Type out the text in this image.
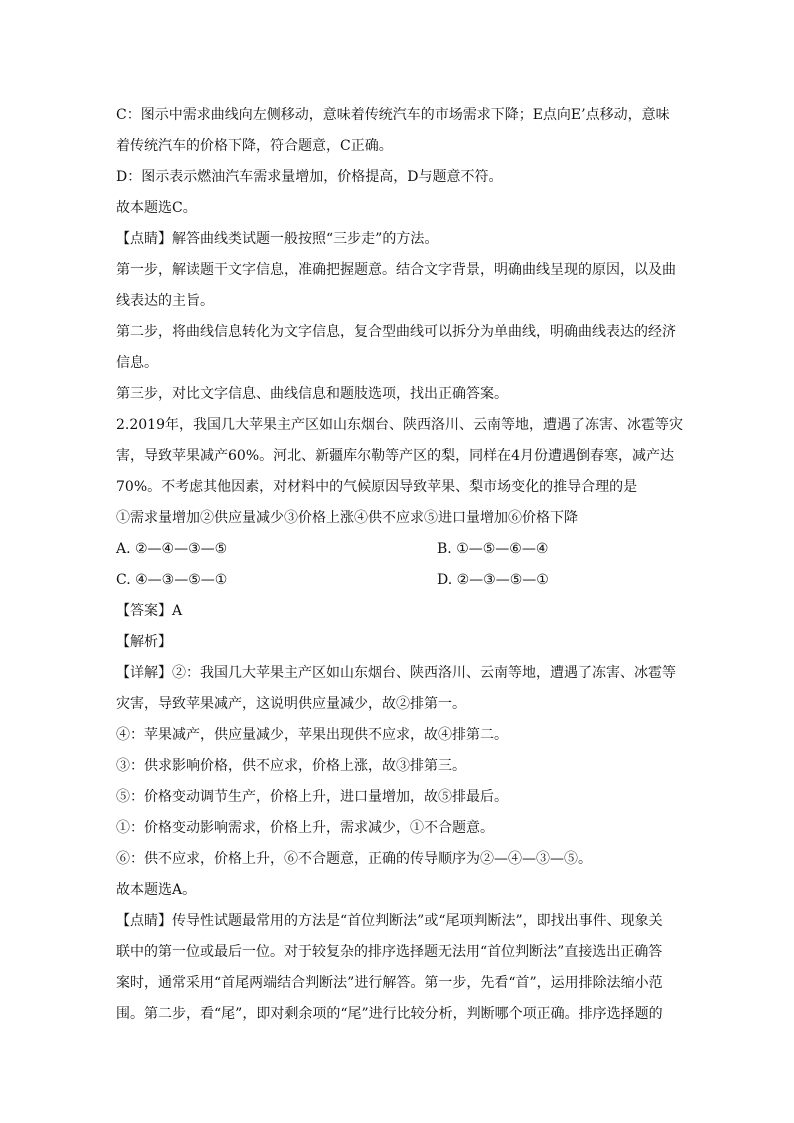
C：图示中需求曲线向左侧移动，意味着传统汽车的市场需求下降；E点向E’点移动，意味
着传统汽车的价格下降，符合题意，C正确。
D：图示表示燃油汽车需求量增加，价格提高，D与题意不符。
故本题选C。
【点睛】解答曲线类试题一般按照“三步走”的方法。
第一步，解读题干文字信息，准确把握题意。结合文字背景，明确曲线呈现的原因，以及曲
线表达的主旨。
第二步，将曲线信息转化为文字信息，复合型曲线可以拆分为单曲线，明确曲线表达的经济
信息。
第三步，对比文字信息、曲线信息和题肢选项，找出正确答案。
2.2019年，我国几大苹果主产区如山东烟台、陕西洛川、云南等地，遭遇了冻害、冰雹等灾
害，导致苹果减产60%。河北、新疆库尔勒等产区的梨，同样在4月份遭遇倒春寒，减产达
70%。不考虑其他因素，对材料中的气候原因导致苹果、梨市场变化的推导合理的是
①需求量增加②供应量减少③价格上涨④供不应求⑤进口量增加⑥价格下降
A. ②—④—③—⑤	B. ①—⑤—⑥—④
C. ④—③—⑤—①	D. ②—③—⑤—①
【答案】A
【解析】
【详解】②：我国几大苹果主产区如山东烟台、陕西洛川、云南等地，遭遇了冻害、冰雹等
灾害，导致苹果减产，这说明供应量减少，故②排第一。
④：苹果减产，供应量减少，苹果出现供不应求，故④排第二。
③：供求影响价格，供不应求，价格上涨，故③排第三。
⑤：价格变动调节生产，价格上升，进口量增加，故⑤排最后。
①：价格变动影响需求，价格上升，需求减少，①不合题意。
⑥：供不应求，价格上升，⑥不合题意，正确的传导顺序为②—④—③—⑤。
故本题选A。
【点睛】传导性试题最常用的方法是“首位判断法”或“尾项判断法”，即找出事件、现象关
联中的第一位或最后一位。对于较复杂的排序选择题无法用“首位判断法”直接选出正确答
案时，通常采用“首尾两端结合判断法”进行解答。第一步，先看“首”，运用排除法缩小范
围。第二步，看“尾”，即对剩余项的“尾”进行比较分析，判断哪个项正确。排序选择题的
